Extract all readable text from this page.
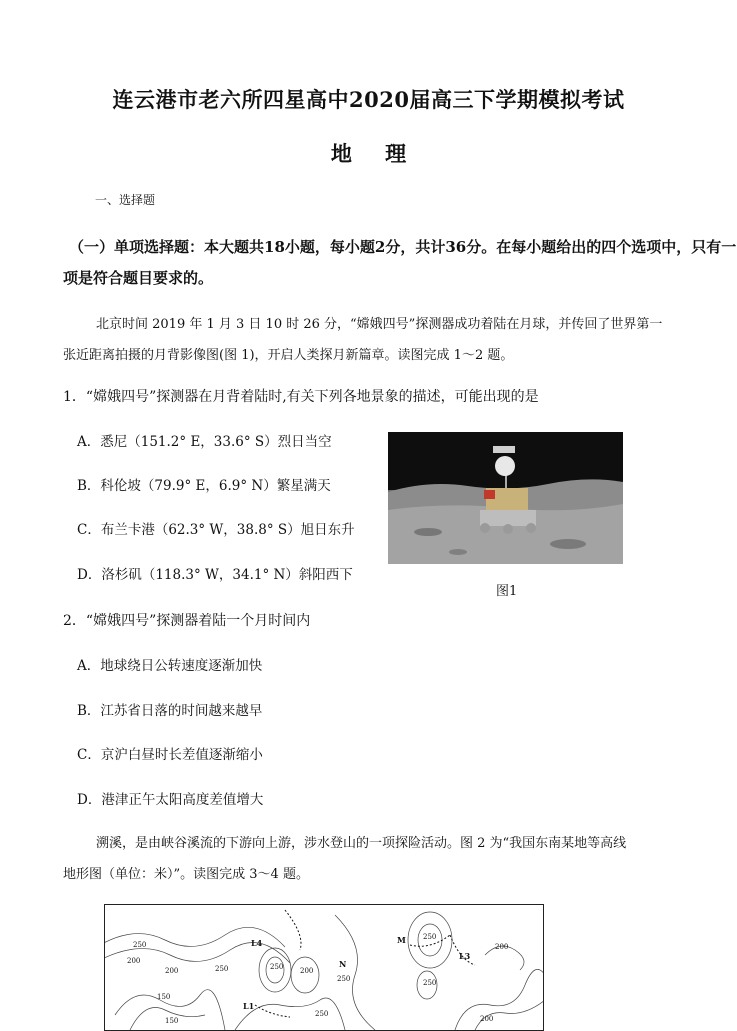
连云港市老六所四星高中2020届高三下学期模拟考试
地 理
一、选择题
（一）单项选择题：本大题共18小题，每小题2分，共计36分。在每小题给出的四个选项中，只有一
项是符合题目要求的。
北京时间 2019 年 1 月 3 日 10 时 26 分，“嫦娥四号”探测器成功着陆在月球，并传回了世界第一
张近距离拍摄的月背影像图(图 1)，开启人类探月新篇章。读图完成 1～2 题。
1．“嫦娥四号”探测器在月背着陆时,有关下列各地景象的描述，可能出现的是
A．悉尼（151.2° E，33.6° S）烈日当空
B．科伦坡（79.9° E，6.9° N）繁星满天
C．布兰卡港（62.3° W，38.8° S）旭日东升
D．洛杉矶（118.3° W，34.1° N）斜阳西下
图1
2．“嫦娥四号”探测器着陆一个月时间内
A．地球绕日公转速度逐渐加快
B．江苏省日落的时间越来越早
C．京沪白昼时长差值逐渐缩小
D．港津正午太阳高度差值增大
溯溪，是由峡谷溪流的下游向上游，涉水登山的一项探险活动。图 2 为“我国东南某地等高线
地形图（单位：米）”。读图完成 3～4 题。
250
200
150
200	250 200
250
250
200
250
200
150
250
250
L4
N
M
L3
L1
